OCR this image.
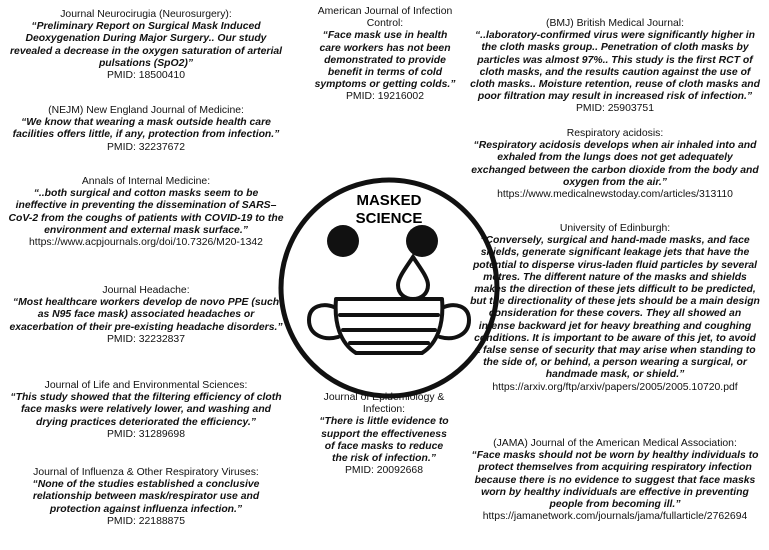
Journal Neurocirugia (Neurosurgery):
“Preliminary Report on Surgical Mask Induced Deoxygenation During Major Surgery.. Our study revealed a decrease in the oxygen saturation of arterial pulsations (SpO2)”
PMID: 18500410
(NEJM) New England Journal of Medicine:
“We know that wearing a mask outside health care facilities offers little, if any, protection from infection.”
PMID: 32237672
Annals of Internal Medicine:
“..both surgical and cotton masks seem to be ineffective in preventing the dissemination of SARS–CoV-2 from the coughs of patients with COVID-19 to the environment and external mask surface.”
https://www.acpjournals.org/doi/10.7326/M20-1342
Journal Headache:
“Most healthcare workers develop de novo PPE (such as N95 face mask) associated headaches or exacerbation of their pre-existing headache disorders.”
PMID: 32232837
Journal of Life and Environmental Sciences:
“This study showed that the filtering efficiency of cloth face masks were relatively lower, and washing and drying practices deteriorated the efficiency.”
PMID: 31289698
Journal of Influenza & Other Respiratory Viruses:
“None of the studies established a conclusive relationship between mask/respirator use and protection against influenza infection.”
PMID: 22188875
American Journal of Infection Control:
“Face mask use in health care workers has not been demonstrated to provide benefit in terms of cold symptoms or getting colds.”
PMID: 19216002
MASKED
SCIENCE
Journal of Epidemiology & Infection:
“There is little evidence to support the effectiveness of face masks to reduce the risk of infection.”
PMID: 20092668
(BMJ) British Medical Journal:
“..laboratory-confirmed virus were significantly higher in the cloth masks group.. Penetration of cloth masks by particles was almost 97%.. This study is the first RCT of cloth masks, and the results caution against the use of cloth masks.. Moisture retention, reuse of cloth masks and poor filtration may result in increased risk of infection.”
PMID: 25903751
Respiratory acidosis:
“Respiratory acidosis develops when air inhaled into and exhaled from the lungs does not get adequately exchanged between the carbon dioxide from the body and oxygen from the air.”
https://www.medicalnewstoday.com/articles/313110
University of Edinburgh:
“Conversely, surgical and hand-made masks, and face shields, generate significant leakage jets that have the potential to disperse virus-laden fluid particles by several metres. The different nature of the masks and shields makes the direction of these jets difficult to be predicted, but the directionality of these jets should be a main design consideration for these covers. They all showed an intense backward jet for heavy breathing and coughing conditions. It is important to be aware of this jet, to avoid a false sense of security that may arise when standing to the side of, or behind, a person wearing a surgical, or handmade mask, or shield.”
https://arxiv.org/ftp/arxiv/papers/2005/2005.10720.pdf
(JAMA) Journal of the American Medical Association:
“Face masks should not be worn by healthy individuals to protect themselves from acquiring respiratory infection because there is no evidence to suggest that face masks worn by healthy individuals are effective in preventing people from becoming ill.”
https://jamanetwork.com/journals/jama/fullarticle/2762694
